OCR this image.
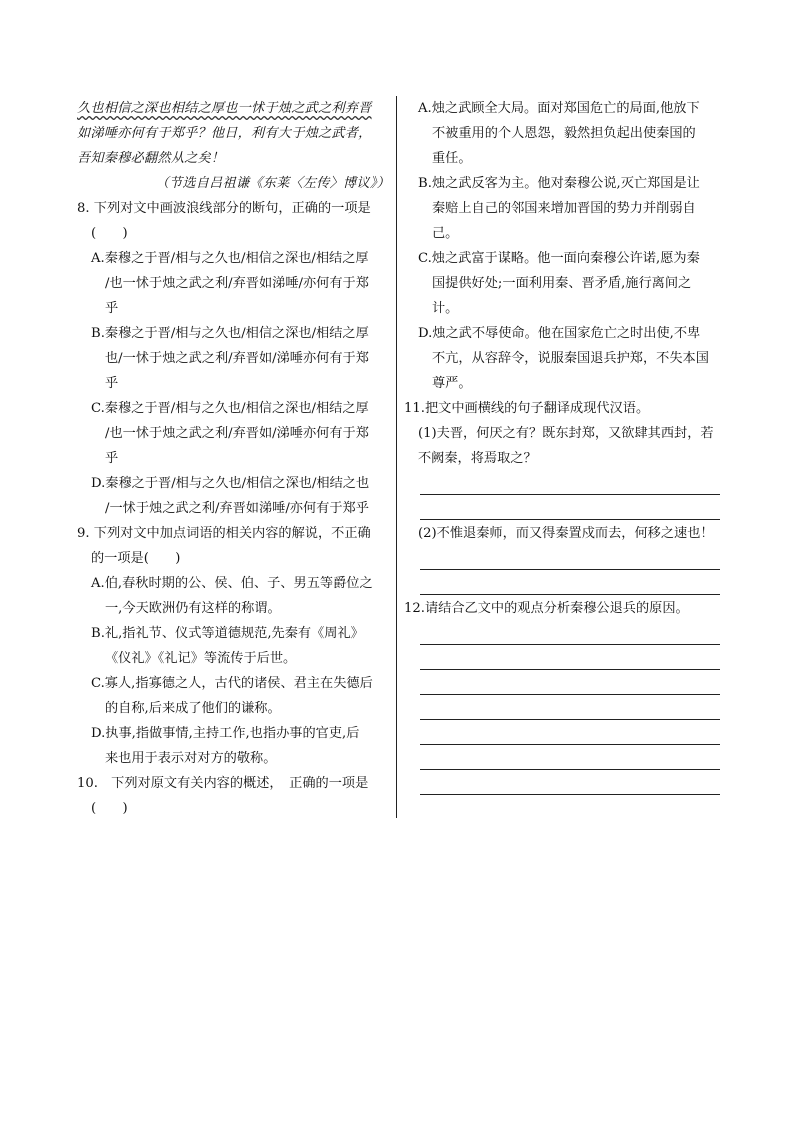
久也相信之深也相结之厚也一怵于烛之武之利弃晋

如涕唾亦何有于郑乎？他日，利有大于烛之武者，

吾知秦穆必翻然从之矣！

（节选自吕祖谦《东莱〈左传〉博议》）

8. 下列对文中画波浪线部分的断句，正确的一项是

(　　)

A.秦穆之于晋/相与之久也/相信之深也/相结之厚

/也一怵于烛之武之利/弃晋如涕唾/亦何有于郑

乎

B.秦穆之于晋/相与之久也/相信之深也/相结之厚

也/一怵于烛之武之利/弃晋如/涕唾亦何有于郑

乎

C.秦穆之于晋/相与之久也/相信之深也/相结之厚

/也一怵于烛之武之利/弃晋如/涕唾亦何有于郑

乎

D.秦穆之于晋/相与之久也/相信之深也/相结之也

/一怵于烛之武之利/弃晋如涕唾/亦何有于郑乎

9. 下列对文中加点词语的相关内容的解说，不正确

的一项是(　　)

A.伯,春秋时期的公、侯、伯、子、男五等爵位之

一,今天欧洲仍有这样的称谓。

B.礼,指礼节、仪式等道德规范,先秦有《周礼》

《仪礼》《礼记》等流传于后世。

C.寡人,指寡德之人，古代的诸侯、君主在失德后

的自称,后来成了他们的谦称。

D.执事,指做事情,主持工作,也指办事的官吏,后

来也用于表示对对方的敬称。

10.　下列对原文有关内容的概述，　正确的一项是

(　　)

A.烛之武顾全大局。面对郑国危亡的局面,他放下

不被重用的个人恩怨，毅然担负起出使秦国的

重任。

B.烛之武反客为主。他对秦穆公说,灭亡郑国是让

秦赔上自己的邻国来增加晋国的势力并削弱自

己。

C.烛之武富于谋略。他一面向秦穆公许诺,愿为秦

国提供好处;一面利用秦、晋矛盾,施行离间之

计。

D.烛之武不辱使命。他在国家危亡之时出使,不卑

不亢，从容辞令，说服秦国退兵护郑，不失本国

尊严。

11.把文中画横线的句子翻译成现代汉语。

(1)夫晋，何厌之有？既东封郑，又欲肆其西封，若

不阙秦，将焉取之？

(2)不惟退秦师，而又得秦置戍而去，何移之速也！

12.请结合乙文中的观点分析秦穆公退兵的原因。
